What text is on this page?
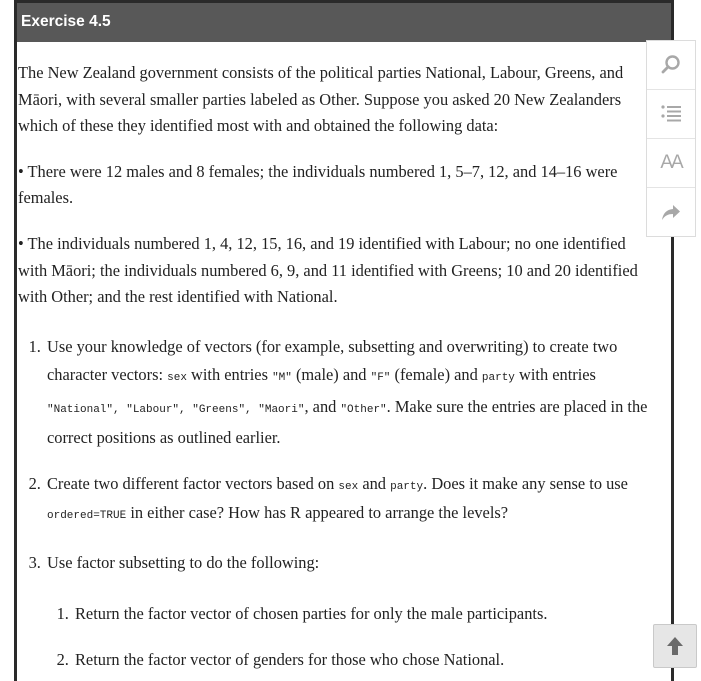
Exercise 4.5

The New Zealand government consists of the political parties National, Labour, Greens, and Māori, with several smaller parties labeled as Other. Suppose you asked 20 New Zealanders which of these they identified most with and obtained the following data:

• There were 12 males and 8 females; the individuals numbered 1, 5–7, 12, and 14–16 were females.

• The individuals numbered 1, 4, 12, 15, 16, and 19 identified with Labour; no one identified with Māori; the individuals numbered 6, 9, and 11 identified with Greens; 10 and 20 identified with Other; and the rest identified with National.

1. Use your knowledge of vectors (for example, subsetting and overwriting) to create two character vectors: sex with entries "M" (male) and "F" (female) and party with entries "National", "Labour", "Greens", "Maori", and "Other". Make sure the entries are placed in the correct positions as outlined earlier.
2. Create two different factor vectors based on sex and party. Does it make any sense to use ordered=TRUE in either case? How has R appeared to arrange the levels?
3. Use factor subsetting to do the following:
1. Return the factor vector of chosen parties for only the male participants.
2. Return the factor vector of genders for those who chose National.
AA
